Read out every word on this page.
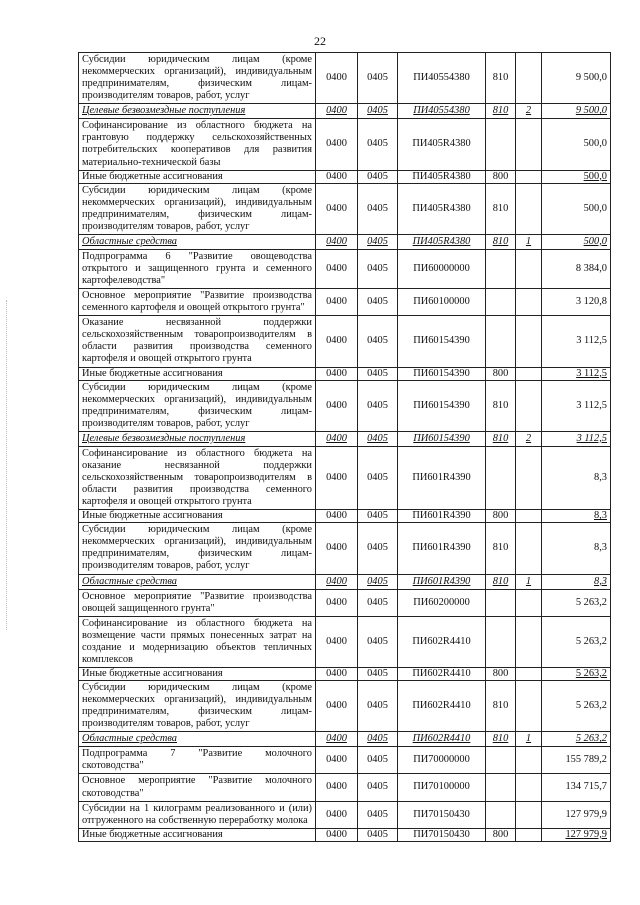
22
Субсидии юридическим лицам (кроме некоммерческих организаций), индивидуальным предпринимателям, физическим лицам-производителям товаров, работ, услуг	0400	0405	ПИ40554380	810		9 500,0
Целевые безвозмездные поступления	0400	0405	ПИ40554380	810	2	9 500,0
Софинансирование из областного бюджета на грантовую поддержку сельскохозяйственных потребительских кооперативов для развития материально-технической базы	0400	0405	ПИ405R4380			500,0
Иные бюджетные ассигнования	0400	0405	ПИ405R4380	800		500,0
Субсидии юридическим лицам (кроме некоммерческих организаций), индивидуальным предпринимателям, физическим лицам-производителям товаров, работ, услуг	0400	0405	ПИ405R4380	810		500,0
Областные средства	0400	0405	ПИ405R4380	810	1	500,0
Подпрограмма 6 "Развитие овощеводства открытого и защищенного грунта и семенного картофелеводства"	0400	0405	ПИ60000000			8 384,0
Основное мероприятие "Развитие производства семенного картофеля и овощей открытого грунта"	0400	0405	ПИ60100000			3 120,8
Оказание несвязанной поддержки сельскохозяйственным товаропроизводителям в области развития производства семенного картофеля и овощей открытого грунта	0400	0405	ПИ60154390			3 112,5
Иные бюджетные ассигнования	0400	0405	ПИ60154390	800		3 112,5
Субсидии юридическим лицам (кроме некоммерческих организаций), индивидуальным предпринимателям, физическим лицам-производителям товаров, работ, услуг	0400	0405	ПИ60154390	810		3 112,5
Целевые безвозмездные поступления	0400	0405	ПИ60154390	810	2	3 112,5
Софинансирование из областного бюджета на оказание несвязанной поддержки сельскохозяйственным товаропроизводителям в области развития производства семенного картофеля и овощей открытого грунта	0400	0405	ПИ601R4390			8,3
Иные бюджетные ассигнования	0400	0405	ПИ601R4390	800		8,3
Субсидии юридическим лицам (кроме некоммерческих организаций), индивидуальным предпринимателям, физическим лицам-производителям товаров, работ, услуг	0400	0405	ПИ601R4390	810		8,3
Областные средства	0400	0405	ПИ601R4390	810	1	8,3
Основное мероприятие "Развитие производства овощей защищенного грунта"	0400	0405	ПИ60200000			5 263,2
Софинансирование из областного бюджета на возмещение части прямых понесенных затрат на создание и модернизацию объектов тепличных комплексов	0400	0405	ПИ602R4410			5 263,2
Иные бюджетные ассигнования	0400	0405	ПИ602R4410	800		5 263,2
Субсидии юридическим лицам (кроме некоммерческих организаций), индивидуальным предпринимателям, физическим лицам-производителям товаров, работ, услуг	0400	0405	ПИ602R4410	810		5 263,2
Областные средства	0400	0405	ПИ602R4410	810	1	5 263,2
Подпрограмма 7 "Развитие молочного скотоводства"	0400	0405	ПИ70000000			155 789,2
Основное мероприятие "Развитие молочного скотоводства"	0400	0405	ПИ70100000			134 715,7
Субсидии на 1 килограмм реализованного и (или) отгруженного на собственную переработку молока	0400	0405	ПИ70150430			127 979,9
Иные бюджетные ассигнования	0400	0405	ПИ70150430	800		127 979,9
